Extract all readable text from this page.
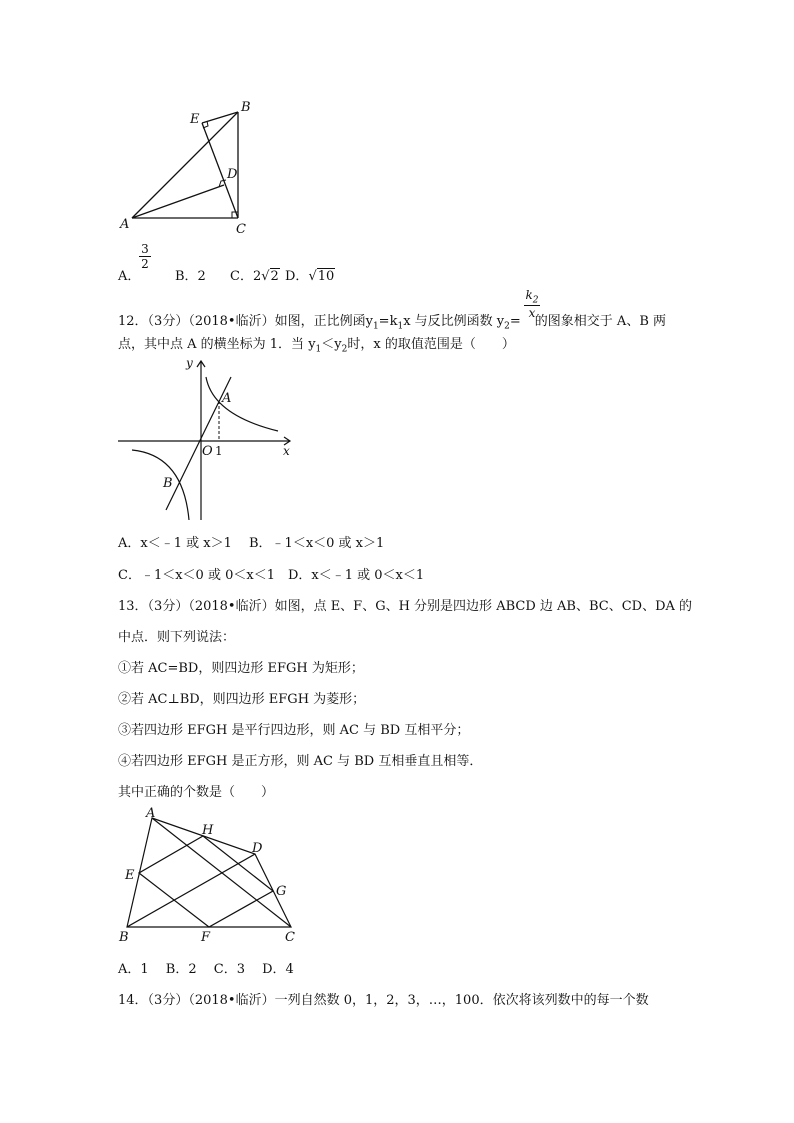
E
B
D
A	C
A．
$\frac{3}{2}$
B．2 C．2√2 D．√10
12．（3分）（2018•临沂）如图，正比例函$y_1=k_1x$ 与反比例函数 $y_2=$ 的图象相交于 A、B 两
$\frac{k_2}{x}$
点，其中点 A 的横坐标为 1．当 $y_1<y_2$时，x 的取值范围是（　　）
y
x
O 1
A
B
A．x＜﹣1 或 x＞1　 B．﹣1＜x＜0 或 x＞1
C．﹣1＜x＜0 或 0＜x＜1　D．x＜﹣1 或 0＜x＜1
13．（3分）（2018•临沂）如图，点 E、F、G、H 分别是四边形 ABCD 边 AB、BC、CD、DA 的
中点．则下列说法：
①若 AC=BD，则四边形 EFGH 为矩形；
②若 AC⊥BD，则四边形 EFGH 为菱形；
③若四边形 EFGH 是平行四边形，则 AC 与 BD 互相平分；
④若四边形 EFGH 是正方形，则 AC 与 BD 互相垂直且相等．
其中正确的个数是（　　）
A
H
D
E
G
B	F	C
A．1　 B．2　 C．3　 D．4
14．（3分）（2018•临沂）一列自然数 0，1，2，3，…，100．依次将该列数中的每一个数
